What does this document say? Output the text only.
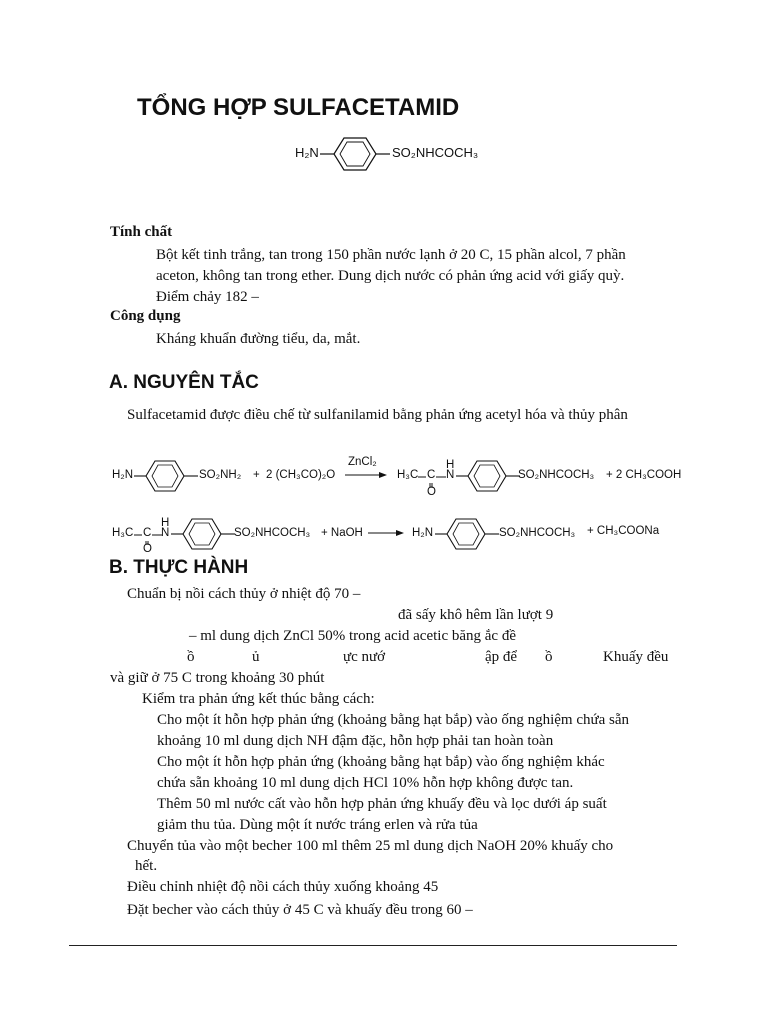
TỔNG HỢP SULFACETAMID
H₂N	SO₂NHCOCH₃
Tính chất
Bột kết tinh trắng, tan trong 150 phần nước lạnh ở 20 C, 15 phần alcol, 7 phần
aceton, không tan trong ether. Dung dịch nước có phản ứng acid với giấy quỳ.
Điểm chảy 182 –
Công dụng
Kháng khuẩn đường tiểu, da, mắt.
A. NGUYÊN TẮC
Sulfacetamid được điều chế từ sulfanilamid bằng phản ứng acetyl hóa và thủy phân
H₂N	SO₂NH₂ + 2 (CH₃CO)₂O
ZnCl₂
H₃C C
H
N
O
SO₂NHCOCH₃ + 2 CH₃COOH
H₃C C
H
N
O
SO₂NHCOCH₃ + NaOH	H₂N	SO₂NHCOCH₃ + CH₃COONa
B. THỰC HÀNH
Chuẩn bị nồi cách thủy ở nhiệt độ 70 –
đã sấy khô hêm lần lượt 9
– ml dung dịch ZnCl 50% trong acid acetic băng ắc đề
ồ	ủ	ực nướ	ập để ồ	Khuấy đều
và giữ ở 75 C trong khoảng 30 phút
Kiểm tra phản ứng kết thúc bằng cách:
Cho một ít hỗn hợp phản ứng (khoảng bằng hạt bắp) vào ống nghiệm chứa sẵn
khoảng 10 ml dung dịch NH đậm đặc, hỗn hợp phải tan hoàn toàn
Cho một ít hỗn hợp phản ứng (khoảng bằng hạt bắp) vào ống nghiệm khác
chứa sẵn khoảng 10 ml dung dịch HCl 10% hỗn hợp không được tan.
Thêm 50 ml nước cất vào hỗn hợp phản ứng khuấy đều và lọc dưới áp suất
giảm thu tủa. Dùng một ít nước tráng erlen và rửa tủa
Chuyển tủa vào một becher 100 ml thêm 25 ml dung dịch NaOH 20% khuấy cho
hết.
Điều chỉnh nhiệt độ nồi cách thủy xuống khoảng 45
Đặt becher vào cách thủy ở 45 C và khuấy đều trong 60 –
